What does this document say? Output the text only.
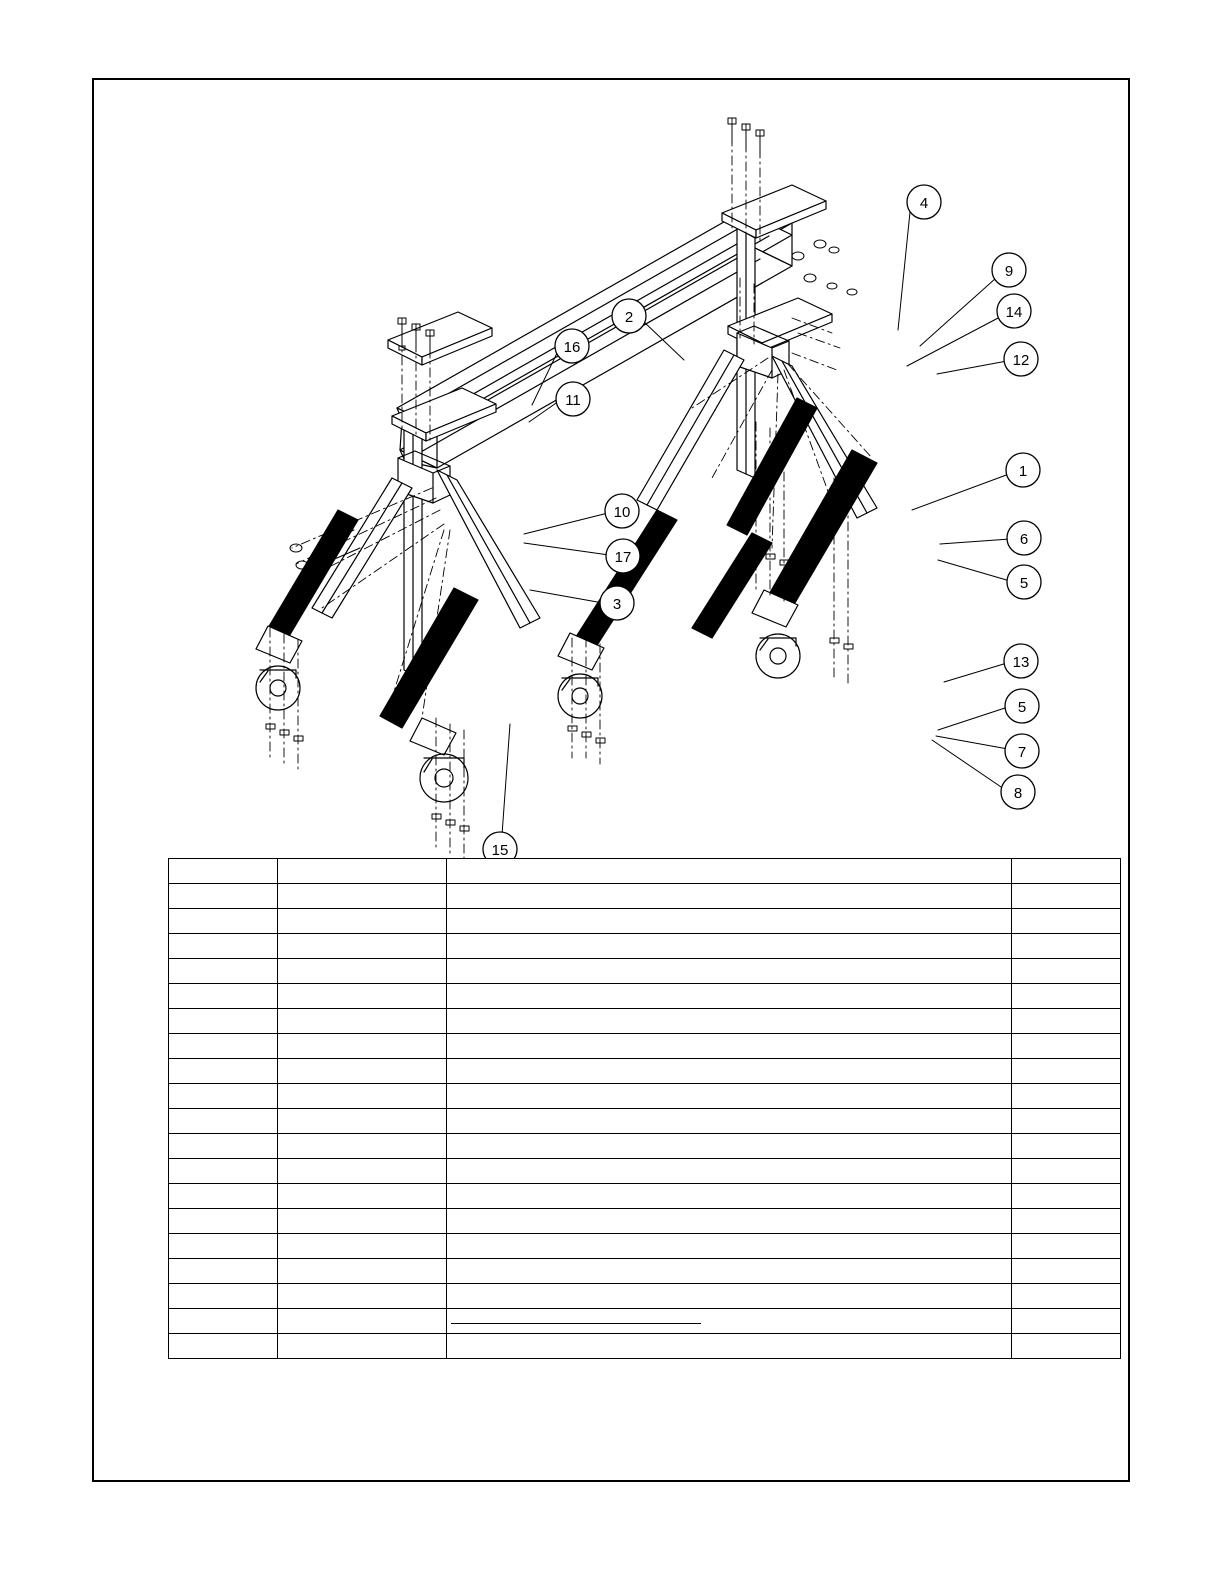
2
4
9
14
12
16
11
1
6
5
10
17
3
13
5
7
8
15
